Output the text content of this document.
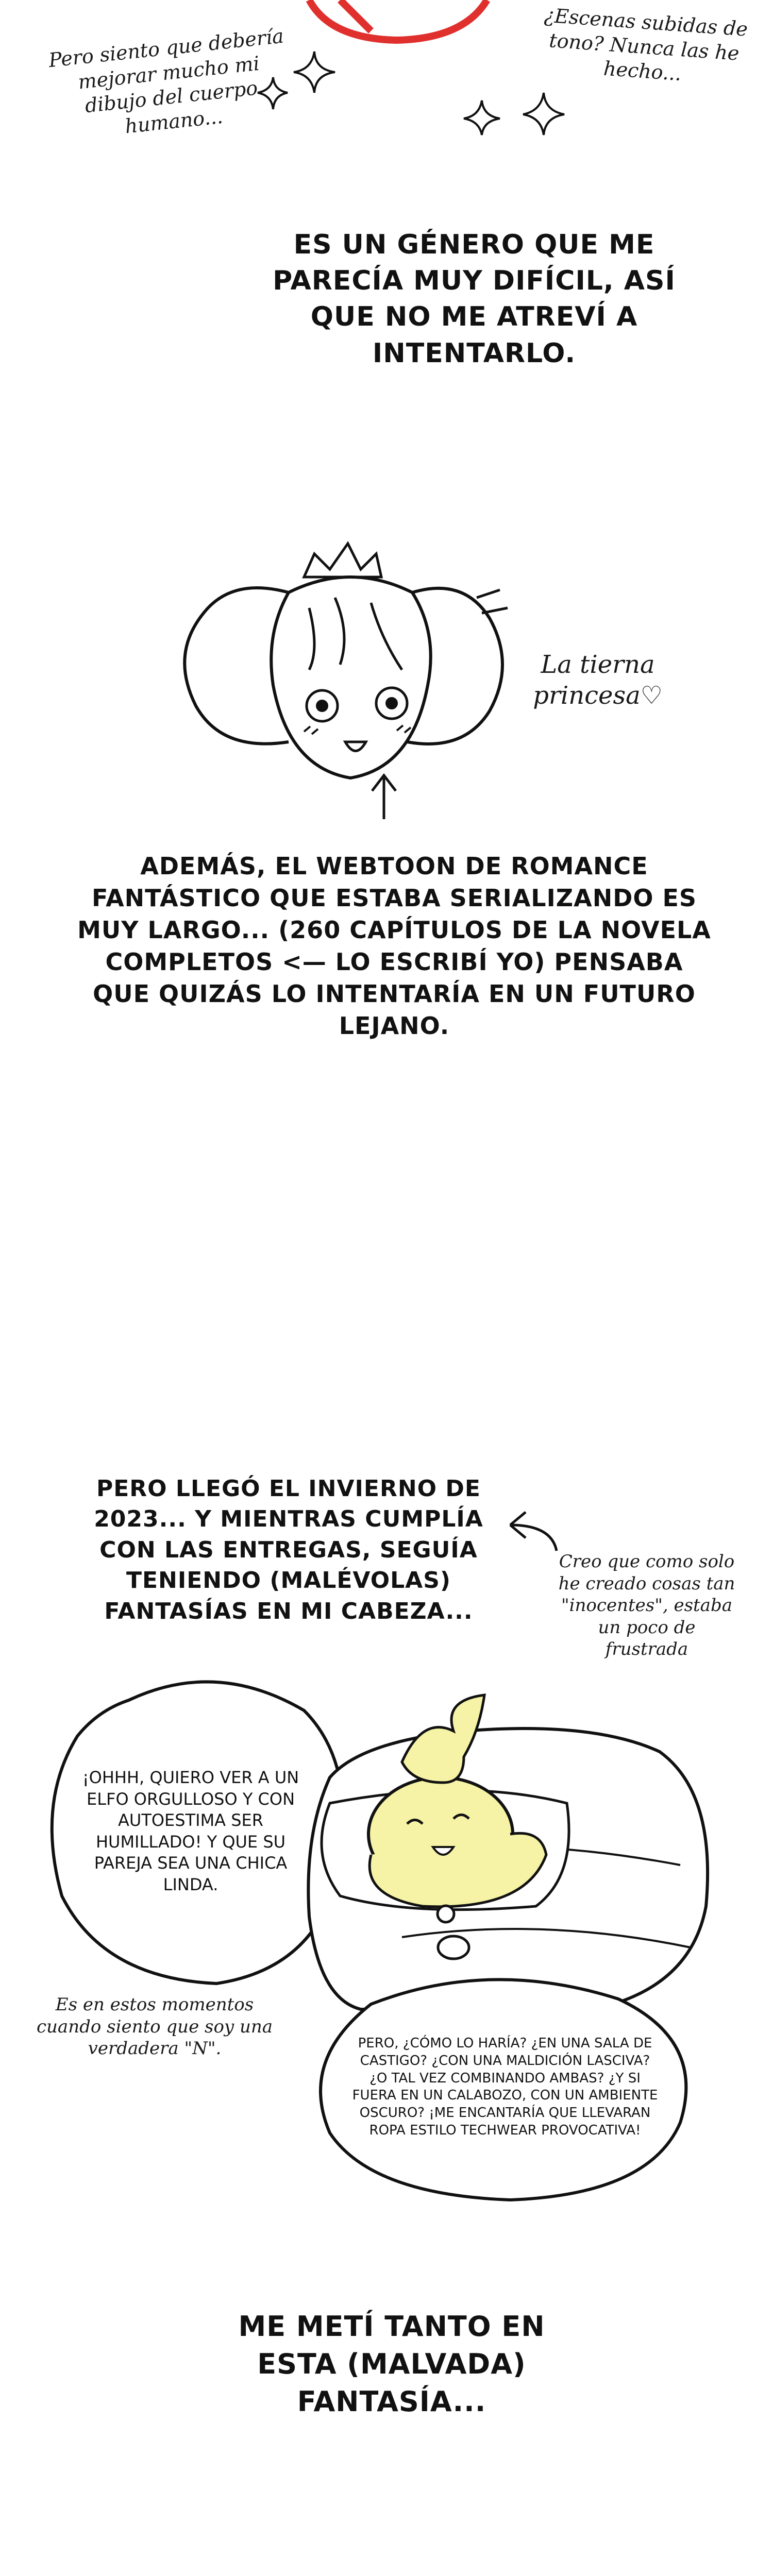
Pero siento que debería mejorar mucho mi dibujo del cuerpo humano...
¿Escenas subidas de tono? Nunca las he hecho...
ES UN GÉNERO QUE ME PARECÍA MUY DIFÍCIL, ASÍ QUE NO ME ATREVÍ A INTENTARLO.
La tierna princesa♡
ADEMÁS, EL WEBTOON DE ROMANCE FANTÁSTICO QUE ESTABA SERIALIZANDO ES MUY LARGO... (260 CAPÍTULOS DE LA NOVELA COMPLETOS <— LO ESCRIBÍ YO) PENSABA QUE QUIZÁS LO INTENTARÍA EN UN FUTURO LEJANO.
PERO LLEGÓ EL INVIERNO DE 2023... Y MIENTRAS CUMPLÍA CON LAS ENTREGAS, SEGUÍA TENIENDO (MALÉVOLAS) FANTASÍAS EN MI CABEZA...
Creo que como solo he creado cosas tan "inocentes", estaba un poco de frustrada
¡OHHH, QUIERO VER A UN ELFO ORGULLOSO Y CON AUTOESTIMA SER HUMILLADO! Y QUE SU PAREJA SEA UNA CHICA LINDA.
Es en estos momentos cuando siento que soy una verdadera "N".	PERO, ¿CÓMO LO HARÍA? ¿EN UNA SALA DE CASTIGO? ¿CON UNA MALDICIÓN LASCIVA? ¿O TAL VEZ COMBINANDO AMBAS? ¿Y SI FUERA EN UN CALABOZO, CON UN AMBIENTE OSCURO? ¡ME ENCANTARÍA QUE LLEVARAN ROPA ESTILO TECHWEAR PROVOCATIVA!
ME METÍ TANTO EN ESTA (MALVADA) FANTASÍA...
